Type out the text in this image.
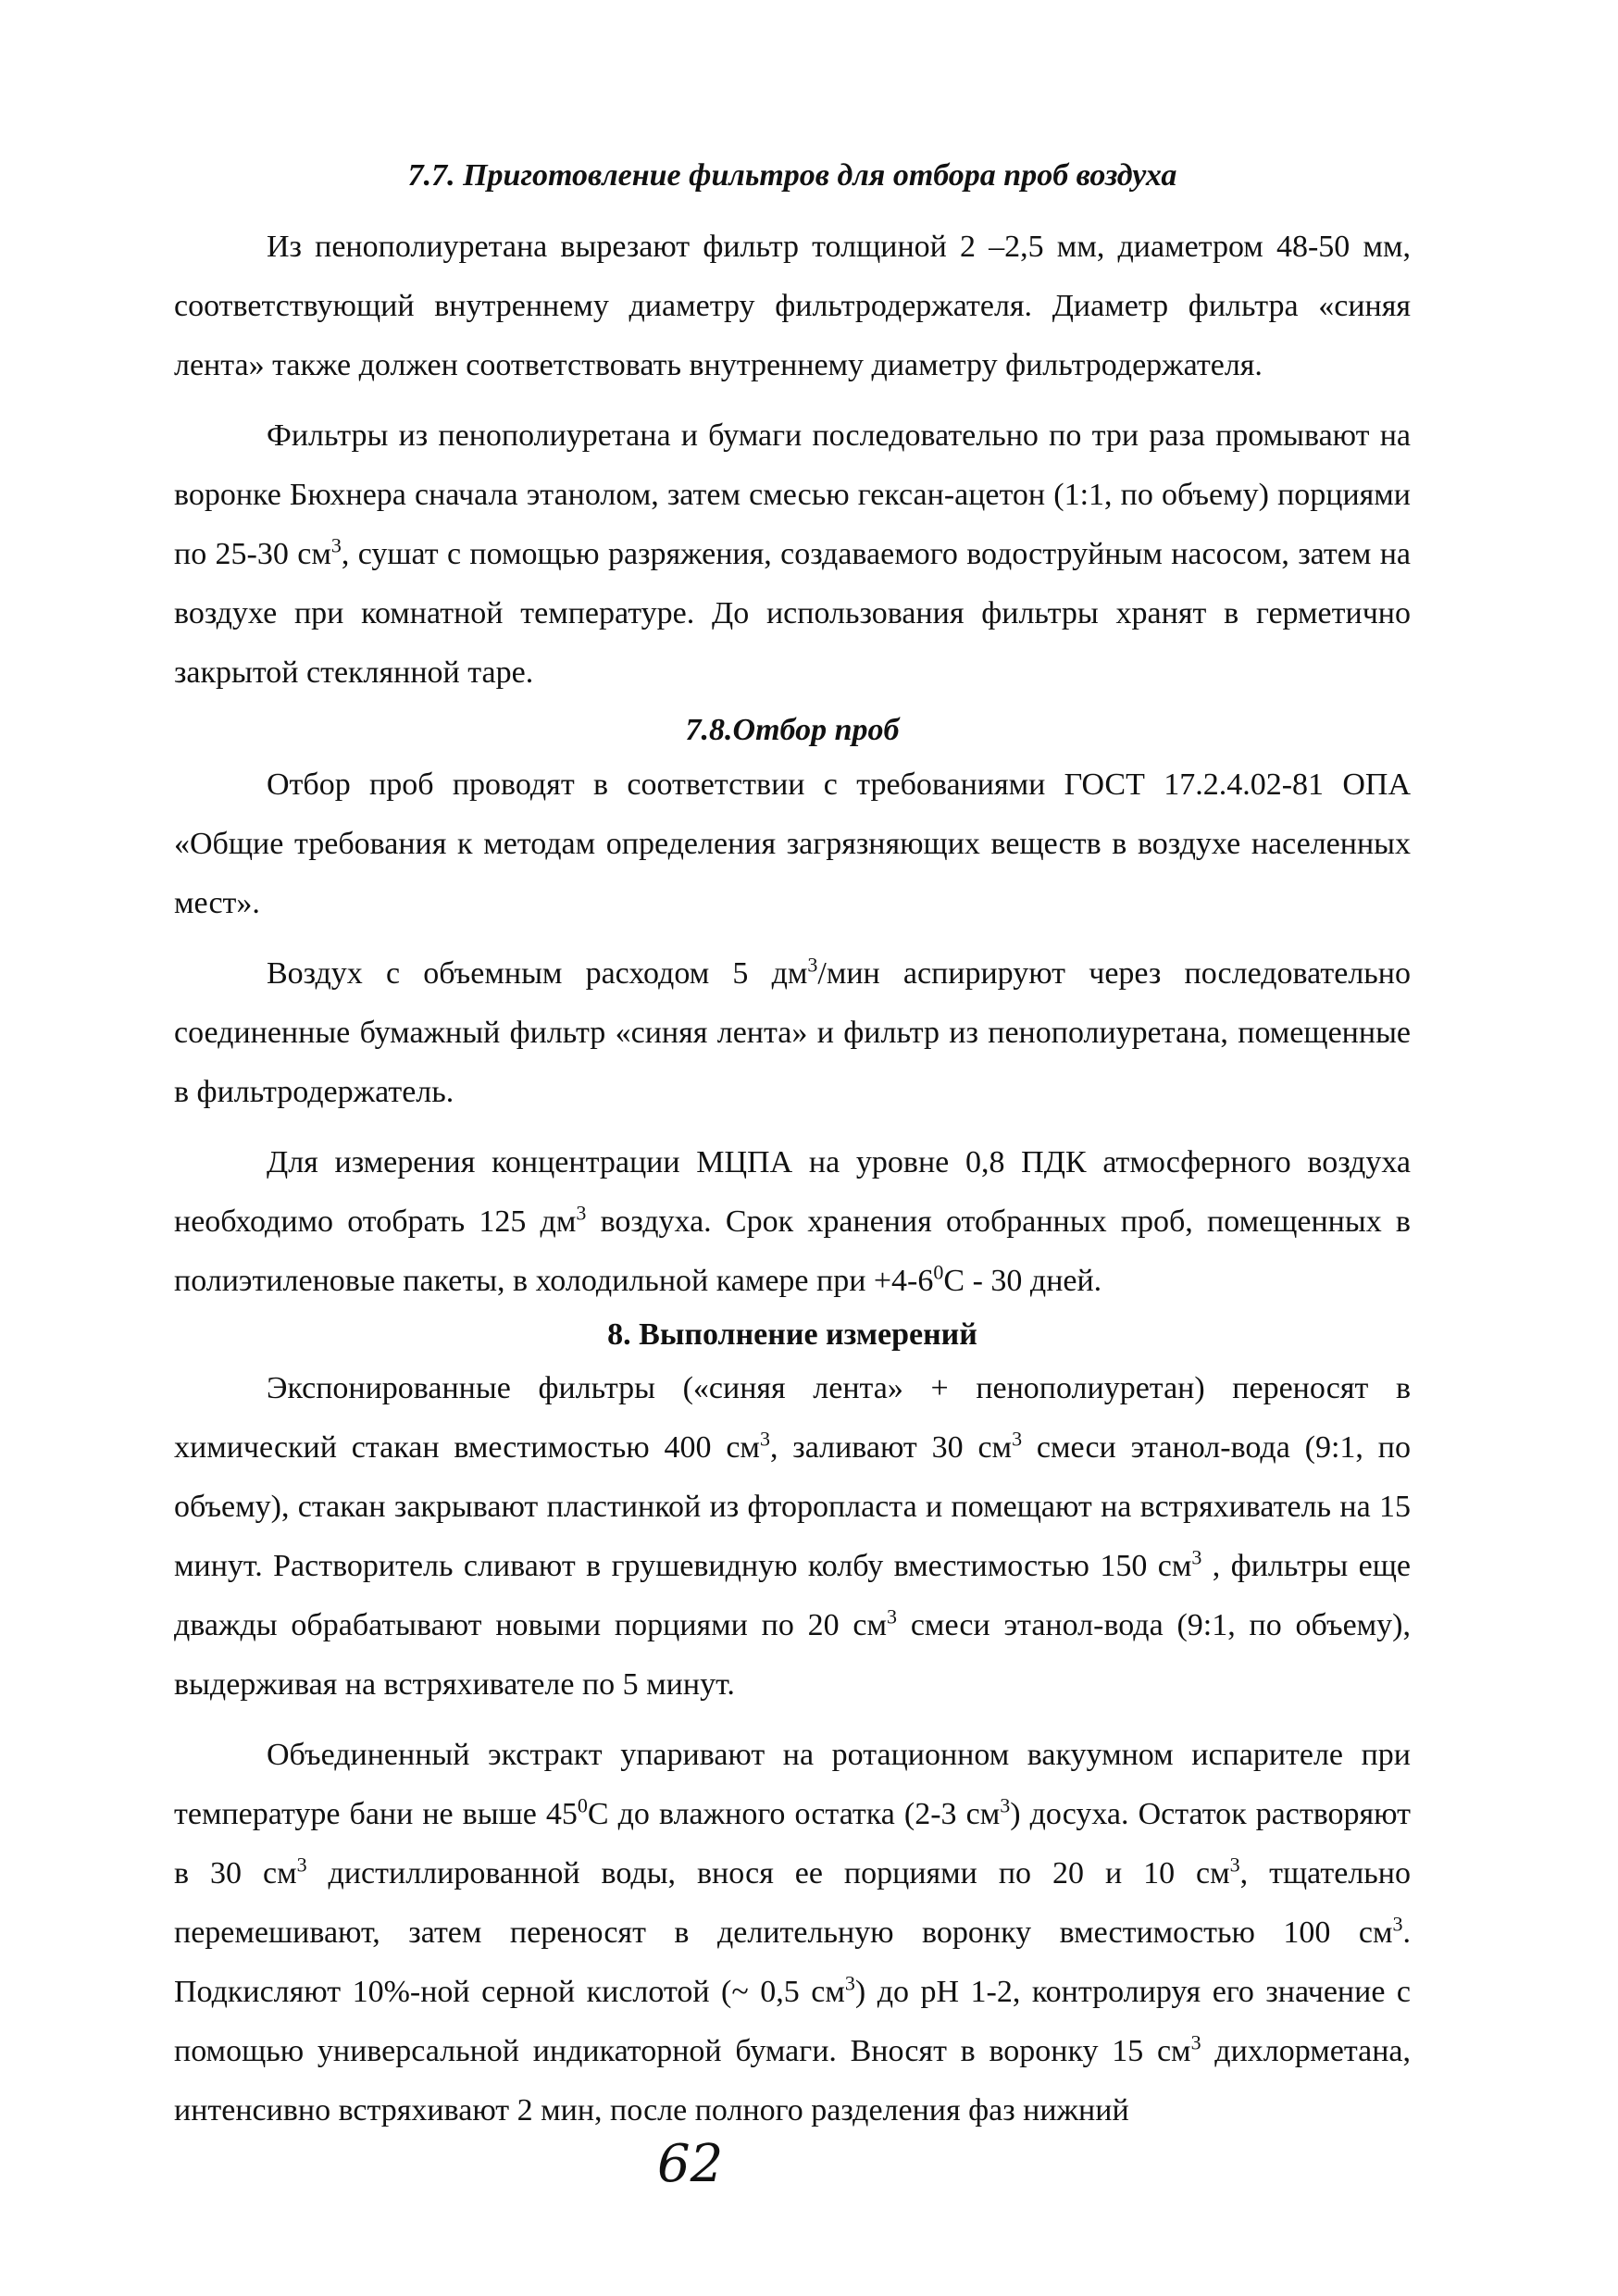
7.7. Приготовление фильтров для отбора проб воздуха

Из пенополиуретана вырезают фильтр толщиной 2 –2,5 мм, диаметром 48-50 мм, соответствующий внутреннему диаметру фильтродержателя. Диаметр фильтра «синяя лента» также должен соответствовать внутреннему диаметру фильтродержателя.

Фильтры из пенополиуретана и бумаги последовательно по три раза промывают на воронке Бюхнера сначала этанолом, затем смесью гексан-ацетон (1:1, по объему) порциями по 25-30 $см^3$, сушат с помощью разряжения, создаваемого водоструйным насосом, затем на воздухе при комнатной температуре. До использования фильтры хранят в герметично закрытой стеклянной таре.

7.8.Отбор проб

Отбор проб проводят в соответствии с требованиями ГОСТ 17.2.4.02-81 ОПА «Общие требования к методам определения загрязняющих веществ в воздухе населенных мест».

Воздух с объемным расходом 5 $дм^3$/мин аспирируют через последовательно соединенные бумажный фильтр «синяя лента» и фильтр из пенополиуретана, помещенные в фильтродержатель.

Для измерения концентрации МЦПА на уровне 0,8 ПДК атмосферного воздуха необходимо отобрать 125 $дм^3$ воздуха. Срок хранения отобранных проб, помещенных в полиэтиленовые пакеты, в холодильной камере при $+4-6^0С - 30$ дней.

8. Выполнение измерений

Экспонированные фильтры («синяя лента» + пенополиуретан) переносят в химический стакан вместимостью 400 $см^3$, заливают 30 $см^3$ смеси этанол-вода (9:1, по объему), стакан закрывают пластинкой из фторопласта и помещают на встряхиватель на 15 минут. Растворитель сливают в грушевидную колбу вместимостью 150 $см^3$ , фильтры еще дважды обрабатывают новыми порциями по 20 $см^3$ смеси этанол-вода (9:1, по объему), выдерживая на встряхивателе по 5 минут.

Объединенный экстракт упаривают на ротационном вакуумном испарителе при температуре бани не выше $45^0С$ до влажного остатка (2-3 $см^3$) досуха. Остаток растворяют в 30 $см^3$ дистиллированной воды, внося ее порциями по 20 и 10 $см^3$, тщательно перемешивают, затем переносят в делительную воронку вместимостью 100 $см^3$. Подкисляют 10%-ной серной кислотой (~ 0,5 $см^3$) до рН 1-2, контролируя его значение с помощью универсальной индикаторной бумаги. Вносят в воронку 15 $см^3$ дихлорметана, интенсивно встряхивают 2 мин, после полного разделения фаз нижний

62
